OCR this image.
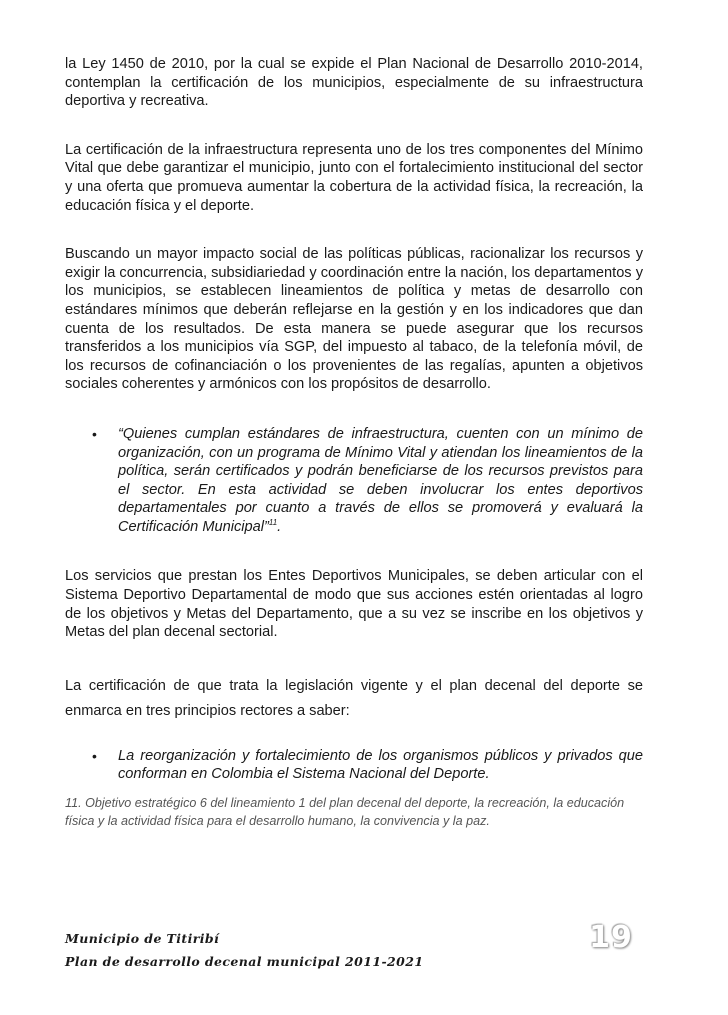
la Ley 1450 de 2010, por la cual se expide el Plan Nacional de Desarrollo 2010-2014, contemplan la certificación de los municipios, especialmente de su infraestructura deportiva y recreativa.

La certificación de la infraestructura representa uno de los tres componentes del Mínimo Vital que debe garantizar el municipio, junto con el fortalecimiento institucional del sector y una oferta que promueva aumentar la cobertura de la actividad física, la recreación, la educación física y el deporte.

Buscando un mayor impacto social de las políticas públicas, racionalizar los recursos y exigir la concurrencia, subsidiariedad y coordinación entre la nación, los departamentos y los municipios, se establecen lineamientos de política y metas de desarrollo con estándares mínimos que deberán reflejarse en la gestión y en los indicadores que dan cuenta de los resultados. De esta manera se puede asegurar que los recursos transferidos a los municipios vía SGP, del impuesto al tabaco, de la telefonía móvil, de los recursos de cofinanciación o los provenientes de las regalías, apunten a objetivos sociales coherentes y armónicos con los propósitos de desarrollo.

• “Quienes cumplan estándares de infraestructura, cuenten con un mínimo de organización, con un programa de Mínimo Vital y atiendan los lineamientos de la política, serán certificados y podrán beneficiarse de los recursos previstos para el sector. En esta actividad se deben involucrar los entes deportivos departamentales por cuanto a través de ellos se promoverá y evaluará la Certificación Municipal”$^{11}$.

Los servicios que prestan los Entes Deportivos Municipales, se deben articular con el Sistema Deportivo Departamental de modo que sus acciones estén orientadas al logro de los objetivos y Metas del Departamento, que a su vez se inscribe en los objetivos y Metas del plan decenal sectorial.

La certificación de que trata la legislación vigente y el plan decenal del deporte se enmarca en tres principios rectores a saber:

• La reorganización y fortalecimiento de los organismos públicos y privados que conforman en Colombia el Sistema Nacional del Deporte.

11. Objetivo estratégico 6 del lineamiento 1 del plan decenal del deporte, la recreación, la educación física y la actividad física para el desarrollo humano, la convivencia y la paz.

Municipio de Titiribí
Plan de desarrollo decenal municipal 2011-2021
19
